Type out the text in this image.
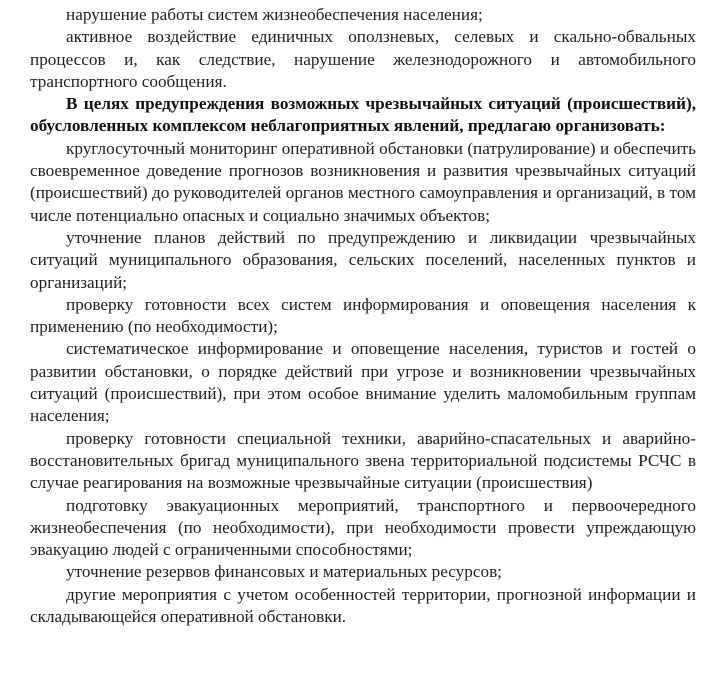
нарушение работы систем жизнеобеспечения населения;

активное воздействие единичных оползневых, селевых и скально-обвальных процессов и, как следствие, нарушение железнодорожного и автомобильного транспортного сообщения.

В целях предупреждения возможных чрезвычайных ситуаций (происшествий), обусловленных комплексом неблагоприятных явлений, предлагаю организовать:

круглосуточный мониторинг оперативной обстановки (патрулирование) и обеспечить своевременное доведение прогнозов возникновения и развития чрезвычайных ситуаций (происшествий) до руководителей органов местного самоуправления и организаций, в том числе потенциально опасных и социально значимых объектов;

уточнение планов действий по предупреждению и ликвидации чрезвычайных ситуаций муниципального образования, сельских поселений, населенных пунктов и организаций;

проверку готовности всех систем информирования и оповещения населения к применению (по необходимости);

систематическое информирование и оповещение населения, туристов и гостей о развитии обстановки, о порядке действий при угрозе и возникновении чрезвычайных ситуаций (происшествий), при этом особое внимание уделить маломобильным группам населения;

проверку готовности специальной техники, аварийно-спасательных и аварийно-восстановительных бригад муниципального звена территориальной подсистемы РСЧС в случае реагирования на возможные чрезвычайные ситуации (происшествия)

подготовку эвакуационных мероприятий, транспортного и первоочередного жизнеобеспечения (по необходимости), при необходимости провести упреждающую эвакуацию людей с ограниченными способностями;

уточнение резервов финансовых и материальных ресурсов;

другие мероприятия с учетом особенностей территории, прогнозной информации и складывающейся оперативной обстановки.
